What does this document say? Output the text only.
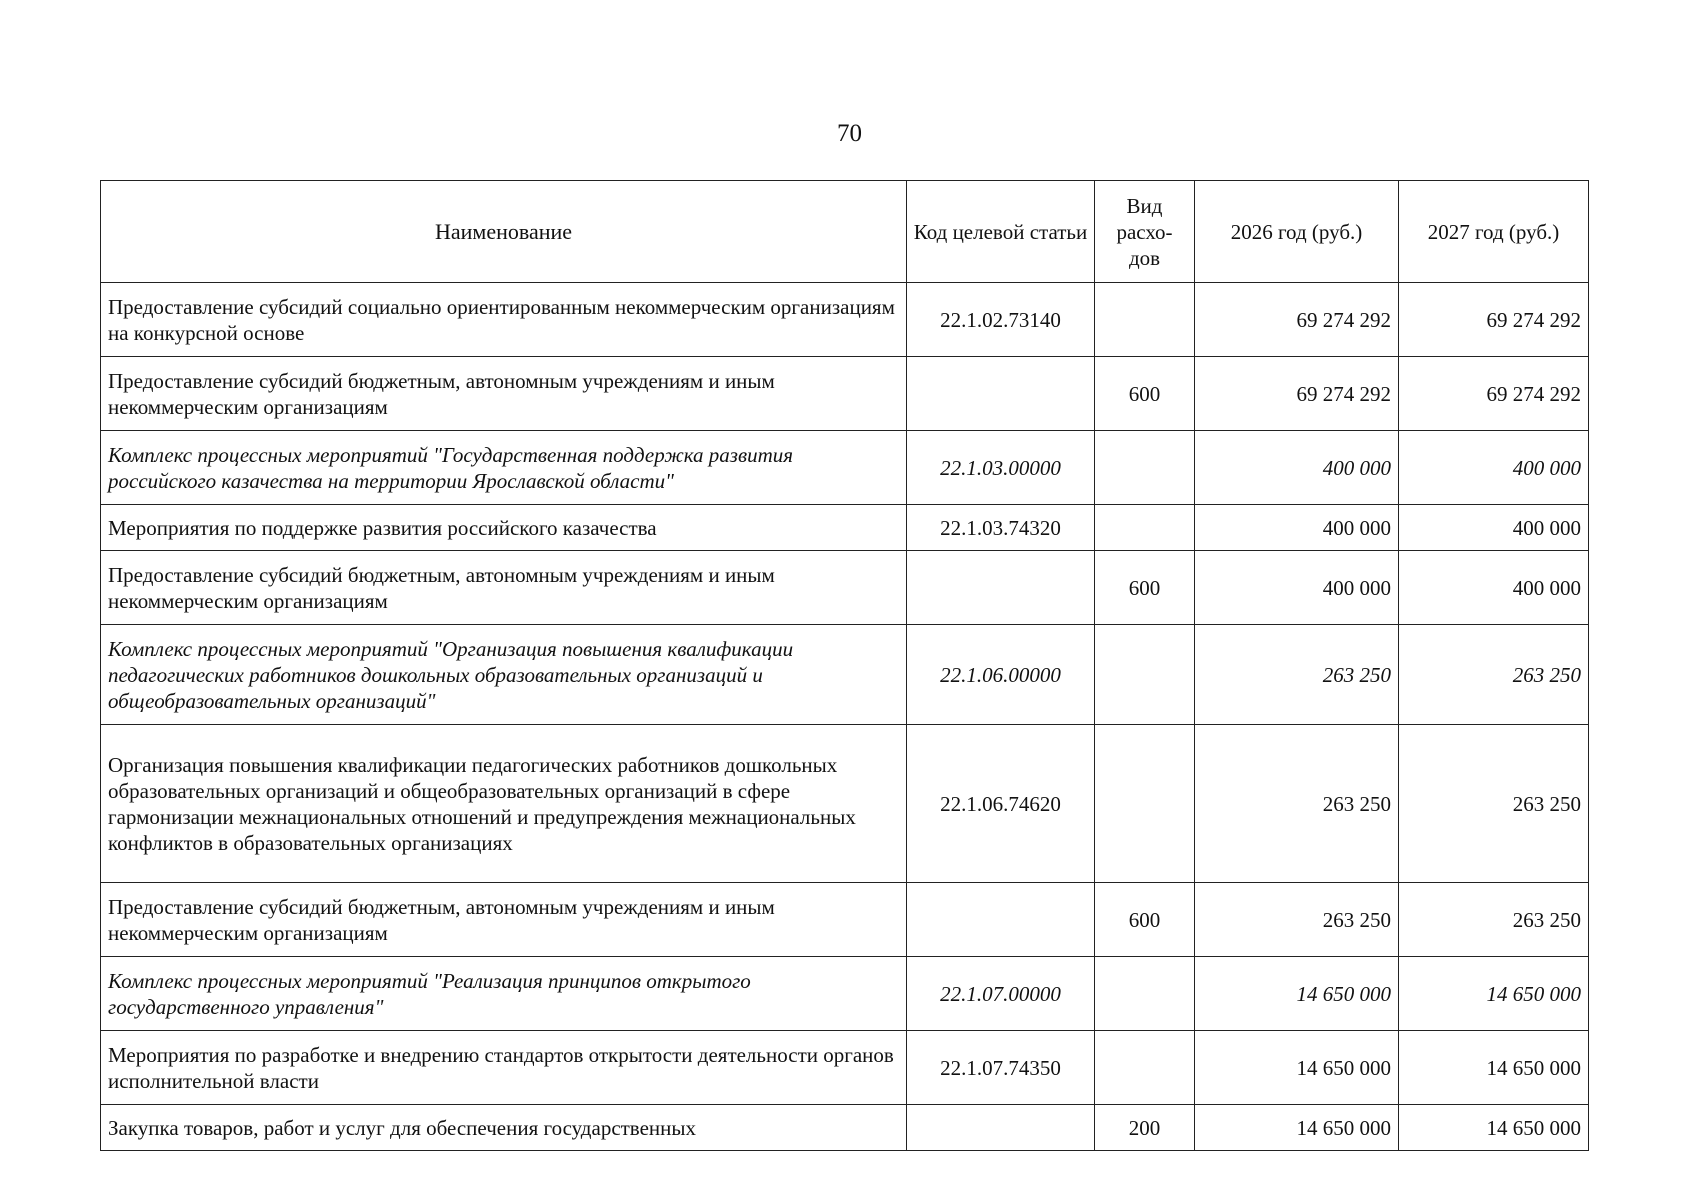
70
Наименование	Код целевой статьи	Вид расхо-дов	2026 год (руб.)	2027 год (руб.)
Предоставление субсидий социально ориентированным некоммерческим организациям на конкурсной основе	22.1.02.73140		69 274 292	69 274 292
Предоставление субсидий бюджетным, автономным учреждениям и иным некоммерческим организациям		600	69 274 292	69 274 292
Комплекс процессных мероприятий "Государственная поддержка развития российского казачества на территории Ярославской области"	22.1.03.00000		400 000	400 000
Мероприятия по поддержке развития российского казачества	22.1.03.74320		400 000	400 000
Предоставление субсидий бюджетным, автономным учреждениям и иным некоммерческим организациям		600	400 000	400 000
Комплекс процессных мероприятий "Организация повышения квалификации педагогических работников дошкольных образовательных организаций и общеобразовательных организаций"	22.1.06.00000		263 250	263 250
Организация повышения квалификации педагогических работников дошкольных образовательных организаций и общеобразовательных организаций в сфере гармонизации межнациональных отношений и предупреждения межнациональных конфликтов в образовательных организациях	22.1.06.74620		263 250	263 250
Предоставление субсидий бюджетным, автономным учреждениям и иным некоммерческим организациям		600	263 250	263 250
Комплекс процессных мероприятий "Реализация принципов открытого государственного управления"	22.1.07.00000		14 650 000	14 650 000
Мероприятия по разработке и внедрению стандартов открытости деятельности органов исполнительной власти	22.1.07.74350		14 650 000	14 650 000
Закупка товаров, работ и услуг для обеспечения государственных		200	14 650 000	14 650 000
